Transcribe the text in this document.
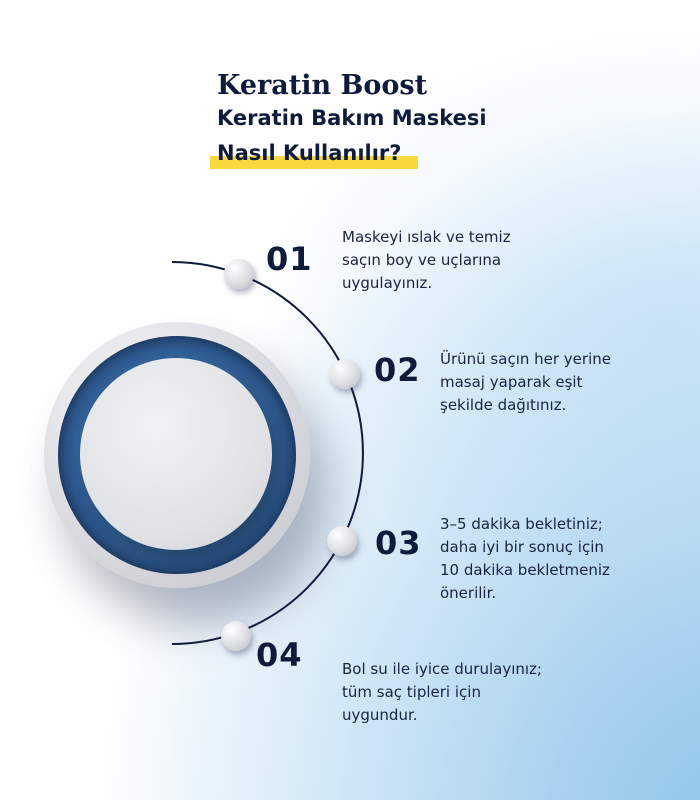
Keratin Boost
Keratin Bakım Maskesi
Nasıl Kullanılır?

01

Maskeyi ıslak ve temiz
saçın boy ve uçlarına
uygulayınız.

02 Ürünü saçın her yerine
masaj yaparak eşit
şekilde dağıtınız.

03 3–5 dakika bekletiniz;
daha iyi bir sonuç için
10 dakika bekletmeniz
önerilir.

04	Bol su ile iyice durulayınız;
tüm saç tipleri için
uygundur.
